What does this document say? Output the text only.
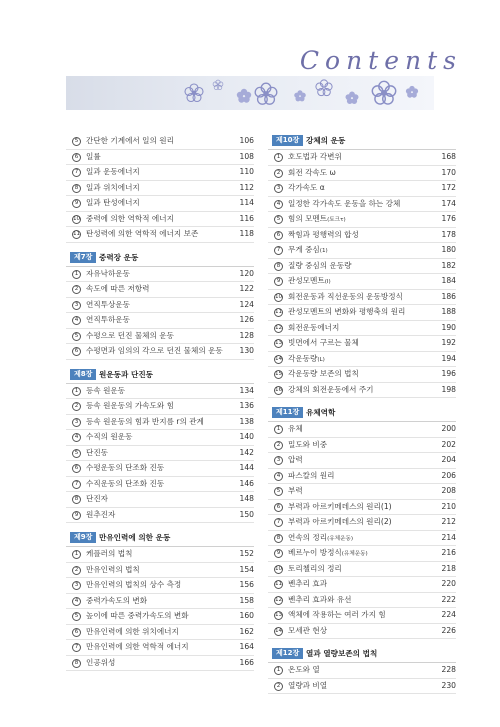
Contents
5	간단한 기계에서 일의 원리	106
6	일률	108
7	일과 운동에너지	110
8	일과 위치에너지	112
9	일과 탄성에너지	114
10 중력에 의한 역학적 에너지	116
11 탄성력에 의한 역학적 에너지 보존	118
제7장 중력장 운동
1	자유낙하운동	120
2	속도에 따른 저항력	122
3	연직투상운동	124
4	연직투하운동	126
5	수평으로 던진 물체의 운동	128
6	수평면과 임의의 각으로 던진 물체의 운동 130
제8장 원운동과 단진동
1	등속 원운동	134
2	등속 원운동의 가속도와 힘	136
3	등속 원운동의 힘과 반지름 r의 관계	138
4	수직의 원운동	140
5	단진동	142
6	수평운동의 단조화 진동	144
7	수직운동의 단조화 진동	146
8	단진자	148
9	원추진자	150
제9장 만유인력에 의한 운동
1	케플러의 법칙	152
2	만유인력의 법칙	154
3	만유인력의 법칙의 상수 측정	156
4	중력가속도의 변화	158
5	높이에 따른 중력가속도의 변화	160
6	만유인력에 의한 위치에너지	162
7	만유인력에 의한 역학적 에너지	164
8	인공위성	166
제10장 강체의 운동
1	호도법과 각변위	168
2	회전 각속도 ω	170
3	각가속도 α	172
4	일정한 각가속도 운동을 하는 강체	174
5	힘의 모멘트(토크τ)	176
6	짝힘과 평행력의 합성	178
7	무게 중심(1)	180
8	질량 중심의 운동량	182
9	관성모멘트(I)	184
10 회전운동과 직선운동의 운동방정식	186
11 관성모멘트의 변화와 평행축의 원리	188
12 회전운동에너지	190
13 빗면에서 구르는 물체	192
14 각운동량(L)	194
15 각운동량 보존의 법칙	196
16 강체의 회전운동에서 주기	198
제11장 유체역학
1	유체	200
2	밀도와 비중	202
3	압력	204
4	파스칼의 원리	206
5	부력	208
6	부력과 아르키메데스의 원리(1)	210
7	부력과 아르키메데스의 원리(2)	212
8	연속의 정리(유체운동)	214
9	베르누이 방정식(유체운동)	216
10 토리첼리의 정리	218
11 벤추리 효과	220
12 벤추리 효과와 유선	222
13 액체에 작용하는 여러 가지 힘	224
14 모세관 현상	226
제12장 열과 열량보존의 법칙
1	온도와 열	228
2	열량과 비열	230
